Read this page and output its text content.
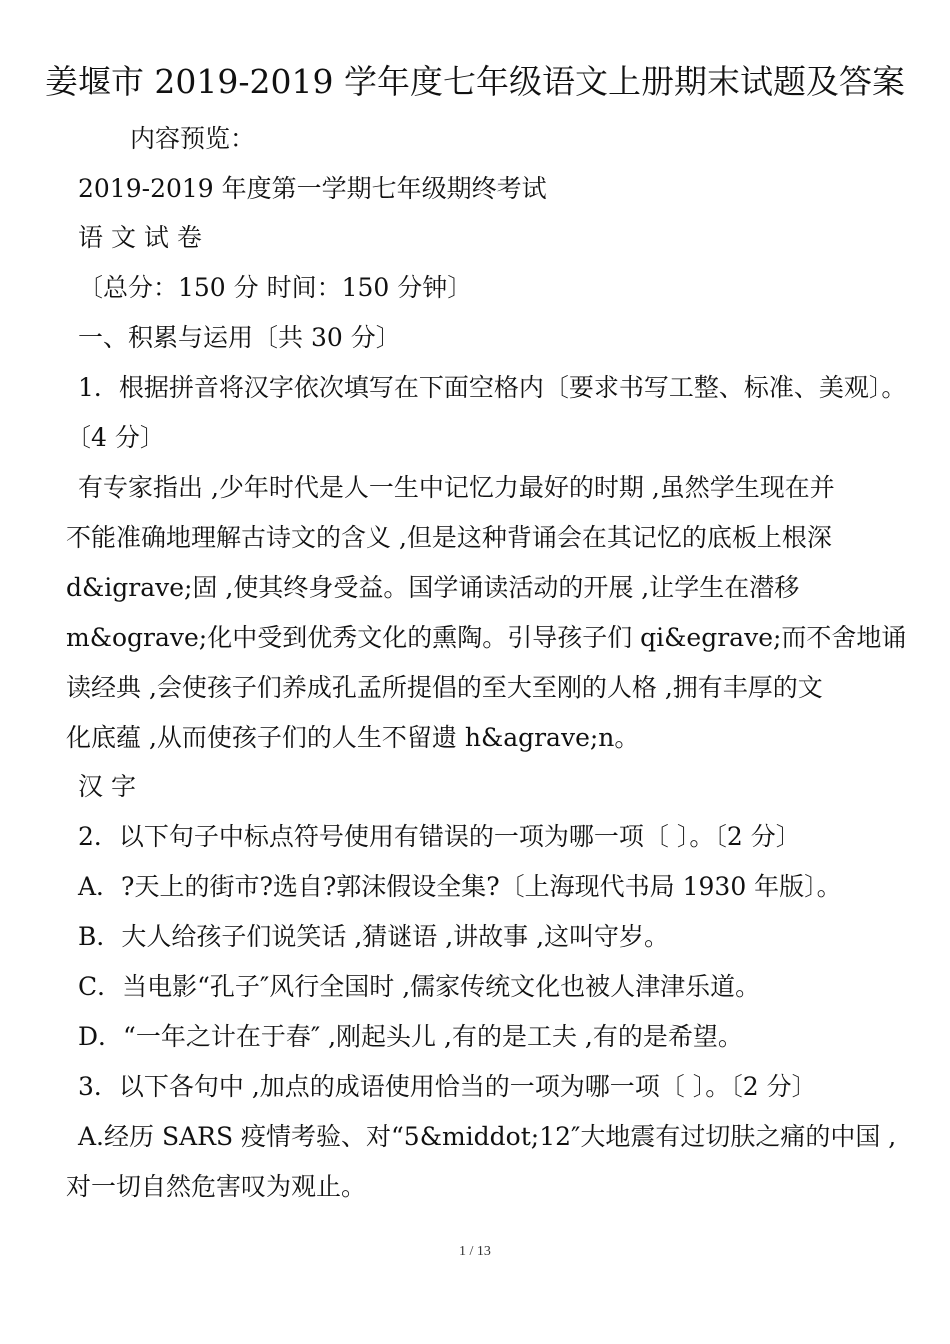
姜堰市 2019-2019 学年度七年级语文上册期末试题及答案
内容预览：
2019-2019 年度第一学期七年级期终考试
语 文 试 卷
〔总分：150 分 时间：150 分钟〕
一、积累与运用〔共 30 分〕
1．根据拼音将汉字依次填写在下面空格内〔要求书写工整、标准、美观〕。
〔4 分〕
有专家指出 ,少年时代是人一生中记忆力最好的时期 ,虽然学生现在并
不能准确地理解古诗文的含义 ,但是这种背诵会在其记忆的底板上根深
d&igrave;固 ,使其终身受益。国学诵读活动的开展 ,让学生在潜移
m&ograve;化中受到优秀文化的熏陶。引导孩子们 qi&egrave;而不舍地诵
读经典 ,会使孩子们养成孔孟所提倡的至大至刚的人格 ,拥有丰厚的文
化底蕴 ,从而使孩子们的人生不留遗 h&agrave;n。
汉 字
2．以下句子中标点符号使用有错误的一项为哪一项〔 〕。〔2 分〕
A．?天上的街市?选自?郭沫假设全集?〔上海现代书局 1930 年版〕。
B．大人给孩子们说笑话 ,猜谜语 ,讲故事 ,这叫守岁。
C．当电影“孔子″风行全国时 ,儒家传统文化也被人津津乐道。
D．“一年之计在于春″ ,刚起头儿 ,有的是工夫 ,有的是希望。
3．以下各句中 ,加点的成语使用恰当的一项为哪一项〔 〕。〔2 分〕
A.经历 SARS 疫情考验、对“5&middot;12″大地震有过切肤之痛的中国 ,
对一切自然危害叹为观止。
1 / 13
